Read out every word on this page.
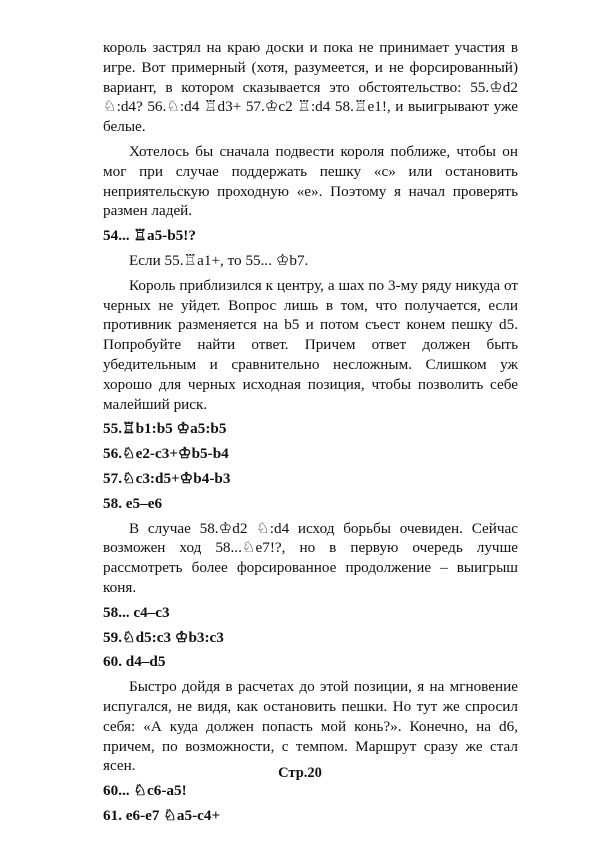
король застрял на краю доски и пока не принимает участия в игре. Вот примерный (хотя, разумеется, и не форсированный) вариант, в котором сказывается это обстоятельство: 55.♔d2 ♘:d4? 56.♘:d4 ♖d3+ 57.♔c2 ♖:d4 58.♖e1!, и выигрывают уже белые.

Хотелось бы сначала подвести короля поближе, чтобы он мог при случае поддержать пешку «с» или остановить неприятельскую проходную «е». Поэтому я начал проверять размен ладей.

54... ♖a5-b5!?

Если 55.♖a1+, то 55... ♔b7.

Король приблизился к центру, а шах по 3-му ряду никуда от черных не уйдет. Вопрос лишь в том, что получается, если противник разменяется на b5 и потом съест конем пешку d5. Попробуйте найти ответ. Причем ответ должен быть убедительным и сравнительно несложным. Слишком уж хорошо для черных исходная позиция, чтобы позволить себе малейший риск.

55.♖b1:b5 ♔a5:b5

56.♘e2-c3+♔b5-b4

57.♘c3:d5+♔b4-b3

58. e5–e6

В случае 58.♔d2 ♘:d4 исход борьбы очевиден. Сейчас возможен ход 58...♘e7!?, но в первую очередь лучше рассмотреть более форсированное продолжение – выигрыш коня.

58... c4–c3

59.♘d5:c3 ♔b3:c3

60. d4–d5

Быстро дойдя в расчетах до этой позиции, я на мгновение испугался, не видя, как остановить пешки. Но тут же спросил себя: «А куда должен попасть мой конь?». Конечно, на d6, причем, по возможности, с темпом. Маршрут сразу же стал ясен.

60... ♘c6-a5!

61. e6-e7 ♘a5-c4+

Стр.20
